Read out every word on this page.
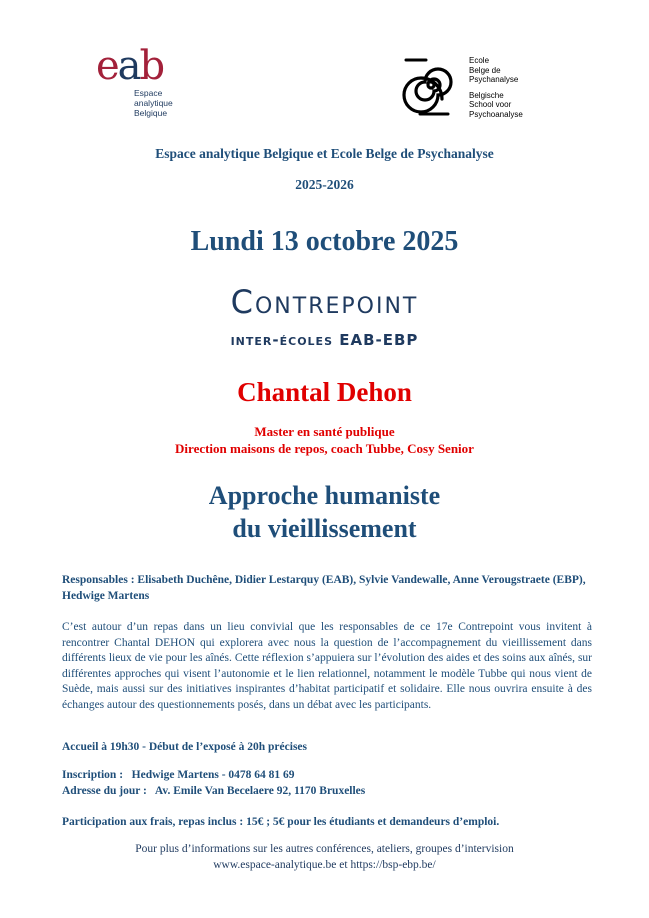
eab
Espace
analytique
Belgique
Ecole
Belge de
Psychanalyse
Belgische
School voor
Psychoanalyse
Espace analytique Belgique et Ecole Belge de Psychanalyse
2025-2026
Lundi 13 octobre 2025
Contrepoint
inter-écoles EAB-EBP
Chantal Dehon
Master en santé publique
Direction maisons de repos, coach Tubbe, Cosy Senior
Approche humaniste
du vieillissement
Responsables : Elisabeth Duchêne, Didier Lestarquy (EAB), Sylvie Vandewalle, Anne Verougstraete (EBP), Hedwige Martens
C’est autour d’un repas dans un lieu convivial que les responsables de ce 17e Contrepoint vous invitent à rencontrer Chantal DEHON qui explorera avec nous la question de l’accompagnement du vieillissement dans différents lieux de vie pour les aînés. Cette réflexion s’appuiera sur l’évolution des aides et des soins aux aînés, sur différentes approches qui visent l’autonomie et le lien relationnel, notamment le modèle Tubbe qui nous vient de Suède, mais aussi sur des initiatives inspirantes d’habitat participatif et solidaire. Elle nous ouvrira ensuite à des échanges autour des questionnements posés, dans un débat avec les participants.
Accueil à 19h30 - Début de l’exposé à 20h précises
Inscription : Hedwige Martens - 0478 64 81 69
Adresse du jour : Av. Emile Van Becelaere 92, 1170 Bruxelles
Participation aux frais, repas inclus : 15€ ; 5€ pour les étudiants et demandeurs d’emploi.
Pour plus d’informations sur les autres conférences, ateliers, groupes d’intervision
www.espace-analytique.be et https://bsp-ebp.be/
